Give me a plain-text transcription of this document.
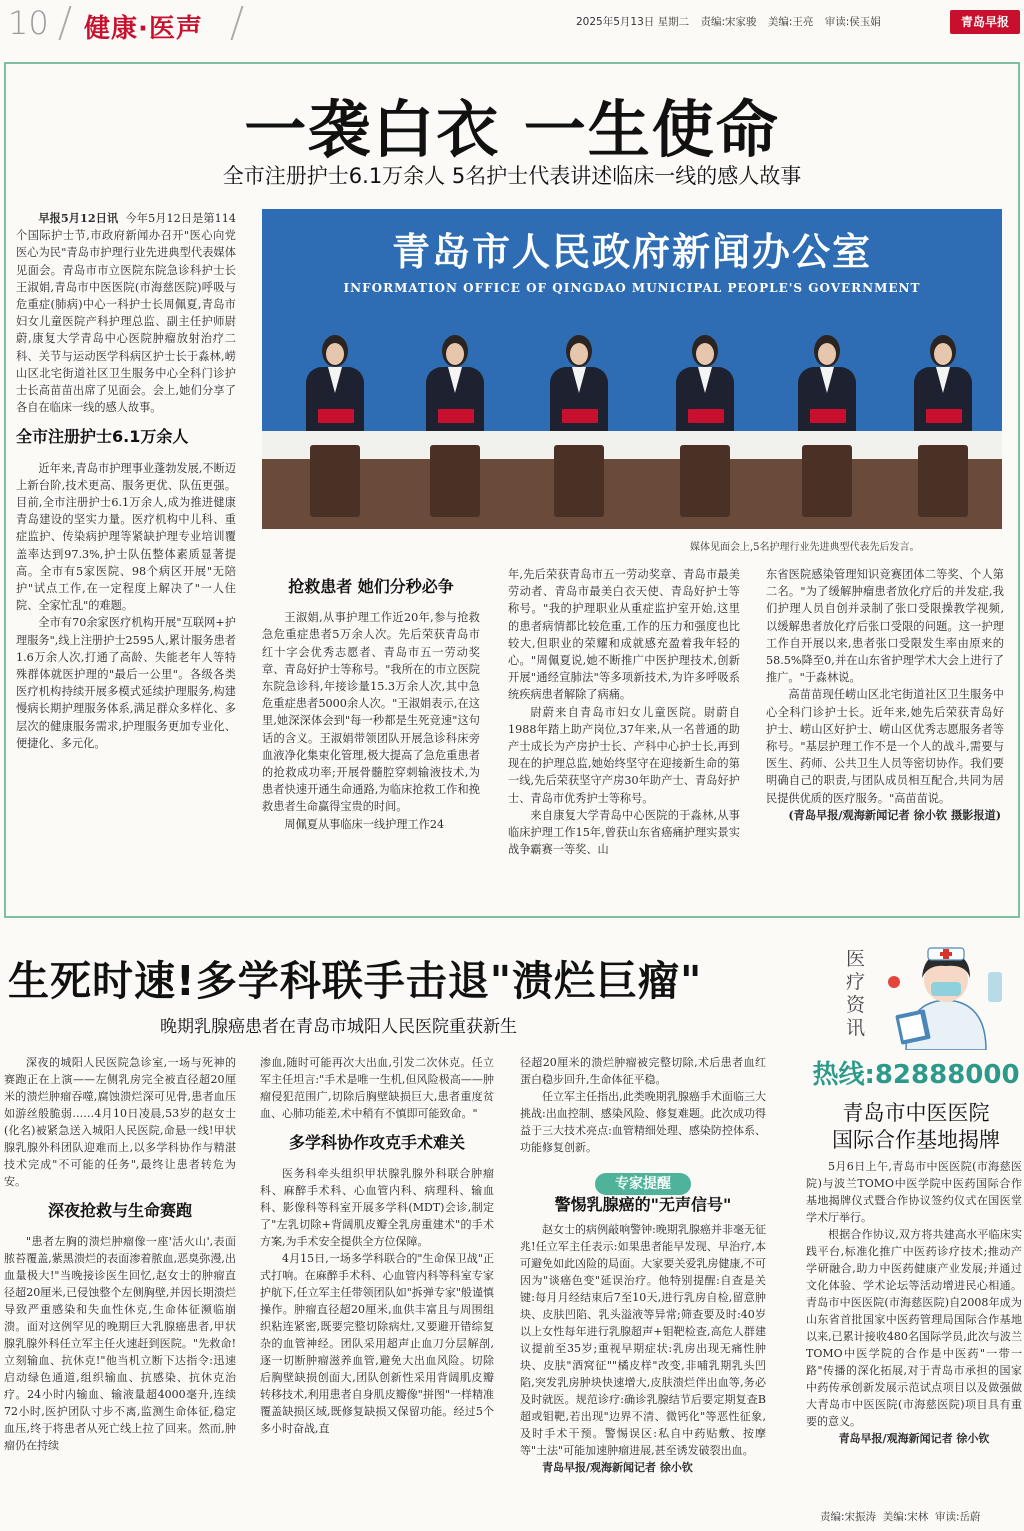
10 健康·医声	2025年5月13日 星期二 责编:宋家骏 美编:王亮 审读:侯玉娟	青岛早报
一袭白衣 一生使命
全市注册护士6.1万余人 5名护士代表讲述临床一线的感人故事

早报5月12日讯 今年5月12日是第114个国际护士节,市政府新闻办召开"医心向党 医心为民"青岛市护理行业先进典型代表媒体见面会。青岛市市立医院东院急诊科护士长王淑娟,青岛市中医医院(市海慈医院)呼吸与危重症(肺病)中心一科护士长周佩夏,青岛市妇女儿童医院产科护理总监、副主任护师尉蔚,康复大学青岛中心医院肿瘤放射治疗二科、关节与运动医学科病区护士长于淼林,崂山区北宅街道社区卫生服务中心全科门诊护士长高苗苗出席了见面会。会上,她们分享了各自在临床一线的感人故事。

全市注册护士6.1万余人

近年来,青岛市护理事业蓬勃发展,不断迈上新台阶,技术更高、服务更优、队伍更强。目前,全市注册护士6.1万余人,成为推进健康青岛建设的坚实力量。医疗机构中儿科、重症监护、传染病护理等紧缺护理专业培训覆盖率达到97.3%,护士队伍整体素质显著提高。全市有5家医院、98个病区开展"无陪护"试点工作,在一定程度上解决了"一人住院、全家忙乱"的难题。

全市有70余家医疗机构开展"互联网+护理服务",线上注册护士2595人,累计服务患者1.6万余人次,打通了高龄、失能老年人等特殊群体就医护理的"最后一公里"。各级各类医疗机构持续开展多模式延续护理服务,构建慢病长期护理服务体系,满足群众多样化、多层次的健康服务需求,护理服务更加专业化、便捷化、多元化。

青岛市人民政府新闻办公室
INFORMATION OFFICE OF QINGDAO MUNICIPAL PEOPLE'S GOVERNMENT
媒体见面会上,5名护理行业先进典型代表先后发言。
抢救患者 她们分秒必争

王淑娟,从事护理工作近20年,参与抢救急危重症患者5万余人次。先后荣获青岛市红十字会优秀志愿者、青岛市五一劳动奖章、青岛好护士等称号。"我所在的市立医院东院急诊科,年接诊量15.3万余人次,其中急危重症患者5000余人次。"王淑娟表示,在这里,她深深体会到"每一秒都是生死竞速"这句话的含义。王淑娟带领团队开展急诊科床旁血液净化集束化管理,极大提高了急危重患者的抢救成功率;开展骨髓腔穿刺输液技术,为患者快速开通生命通路,为临床抢救工作和挽救患者生命赢得宝贵的时间。

周佩夏从事临床一线护理工作24

年,先后荣获青岛市五一劳动奖章、青岛市最美劳动者、青岛市最美白衣天使、青岛好护士等称号。"我的护理职业从重症监护室开始,这里的患者病情都比较危重,工作的压力和强度也比较大,但职业的荣耀和成就感充盈着我年轻的心。"周佩夏说,她不断推广中医护理技术,创新开展"通经宣肺法"等多项新技术,为许多呼吸系统疾病患者解除了病痛。

尉蔚来自青岛市妇女儿童医院。尉蔚自1988年踏上助产岗位,37年来,从一名普通的助产士成长为产房护士长、产科中心护士长,再到现在的护理总监,她始终坚守在迎接新生命的第一线,先后荣获坚守产房30年助产士、青岛好护士、青岛市优秀护士等称号。

来自康复大学青岛中心医院的于淼林,从事临床护理工作15年,曾获山东省癌痛护理实景实战争霸赛一等奖、山

东省医院感染管理知识竞赛团体二等奖、个人第二名。"为了缓解肿瘤患者放化疗后的并发症,我们护理人员自创并录制了张口受限操教学视频,以缓解患者放化疗后张口受限的问题。这一护理工作自开展以来,患者张口受限发生率由原来的58.5%降至0,并在山东省护理学术大会上进行了推广。"于淼林说。

高苗苗现任崂山区北宅街道社区卫生服务中心全科门诊护士长。近年来,她先后荣获青岛好护士、崂山区好护士、崂山区优秀志愿服务者等称号。"基层护理工作不是一个人的战斗,需要与医生、药师、公共卫生人员等密切协作。我们要明确自己的职责,与团队成员相互配合,共同为居民提供优质的医疗服务。"高苗苗说。

(青岛早报/观海新闻记者 徐小钦 摄影报道)

生死时速!多学科联手击退"溃烂巨瘤"
晚期乳腺癌患者在青岛市城阳人民医院重获新生

深夜的城阳人民医院急诊室,一场与死神的赛跑正在上演——左侧乳房完全被直径超20厘米的溃烂肿瘤吞噬,腐蚀溃烂深可见骨,患者血压如游丝般脆弱……4月10日凌晨,53岁的赵女士(化名)被紧急送入城阳人民医院,命悬一线!甲状腺乳腺外科团队迎难而上,以多学科协作与精湛技术完成"不可能的任务",最终让患者转危为安。

深夜抢救与生命赛跑

"患者左胸的溃烂肿瘤像一座'活火山',表面脓苔覆盖,紫黑溃烂的表面渗着脓血,恶臭弥漫,出血量极大!"当晚接诊医生回忆,赵女士的肿瘤直径超20厘米,已侵蚀整个左侧胸壁,并因长期溃烂导致严重感染和失血性休克,生命体征濒临崩溃。面对这例罕见的晚期巨大乳腺癌患者,甲状腺乳腺外科任立军主任火速赶到医院。"先救命!立刻输血、抗休克!"他当机立断下达指令:迅速启动绿色通道,组织输血、抗感染、抗休克治疗。24小时内输血、输液量超4000毫升,连续72小时,医护团队寸步不离,监测生命体征,稳定血压,终于将患者从死亡线上拉了回来。然而,肿瘤仍在持续

渗血,随时可能再次大出血,引发二次休克。任立军主任坦言:"手术是唯一生机,但风险极高——肿瘤侵犯范围广,切除后胸壁缺损巨大,患者重度贫血、心肺功能差,术中稍有不慎即可能致命。"

多学科协作攻克手术难关

医务科牵头组织甲状腺乳腺外科联合肿瘤科、麻醉手术科、心血管内科、病理科、输血科、影像科等科室开展多学科(MDT)会诊,制定了"左乳切除+背阔肌皮瓣全乳房重建术"的手术方案,为手术安全提供全方位保障。

4月15日,一场多学科联合的"生命保卫战"正式打响。在麻醉手术科、心血管内科等科室专家护航下,任立军主任带领团队如"拆弹专家"般谨慎操作。肿瘤直径超20厘米,血供丰富且与周围组织粘连紧密,既要完整切除病灶,又要避开错综复杂的血管神经。团队采用超声止血刀分层解剖,逐一切断肿瘤滋养血管,避免大出血风险。切除后胸壁缺损创面大,团队创新性采用背阔肌皮瓣转移技术,利用患者自身肌皮瓣像"拼图"一样精准覆盖缺损区域,既修复缺损又保留功能。经过5个多小时奋战,直

径超20厘米的溃烂肿瘤被完整切除,术后患者血红蛋白稳步回升,生命体征平稳。

任立军主任指出,此类晚期乳腺癌手术面临三大挑战:出血控制、感染风险、修复难题。此次成功得益于三大技术亮点:血管精细处理、感染防控体系、功能修复创新。

专家提醒
警惕乳腺癌的"无声信号"

赵女士的病例敲响警钟:晚期乳腺癌并非毫无征兆!任立军主任表示:如果患者能早发现、早治疗,本可避免如此凶险的局面。大家要关爱乳房健康,不可因为"谈癌色变"延误治疗。他特别提醒:自查是关键:每月月经结束后7至10天,进行乳房自检,留意肿块、皮肤凹陷、乳头溢液等异常;筛查要及时:40岁以上女性每年进行乳腺超声+钼靶检查,高危人群建议提前至35岁;重视早期症状:乳房出现无痛性肿块、皮肤"酒窝征""橘皮样"改变,非哺乳期乳头凹陷,突发乳房肿块快速增大,皮肤溃烂伴出血等,务必及时就医。规范诊疗:确诊乳腺结节后要定期复查B超或钼靶,若出现"边界不清、微钙化"等恶性征象,及时手术干预。警惕误区:私自中药贴敷、按摩等"土法"可能加速肿瘤进展,甚至诱发破裂出血。

青岛早报/观海新闻记者 徐小钦

医疗资讯
热线:82888000
青岛市中医医院
国际合作基地揭牌

5月6日上午,青岛市中医医院(市海慈医院)与波兰TOMO中医学院中医药国际合作基地揭牌仪式暨合作协议签约仪式在国医堂学术厅举行。

根据合作协议,双方将共建高水平临床实践平台,标准化推广中医药诊疗技术;推动产学研融合,助力中医药健康产业发展;并通过文化体验、学术论坛等活动增进民心相通。青岛市中医医院(市海慈医院)自2008年成为山东省首批国家中医药管理局国际合作基地以来,已累计接收480名国际学员,此次与波兰TOMO中医学院的合作是中医药"一带一路"传播的深化拓展,对于青岛市承担的国家中药传承创新发展示范试点项目以及做强做大青岛市中医医院(市海慈医院)项目具有重要的意义。

青岛早报/观海新闻记者 徐小钦

责编:宋振涛 美编:宋林 审读:岳蔚
